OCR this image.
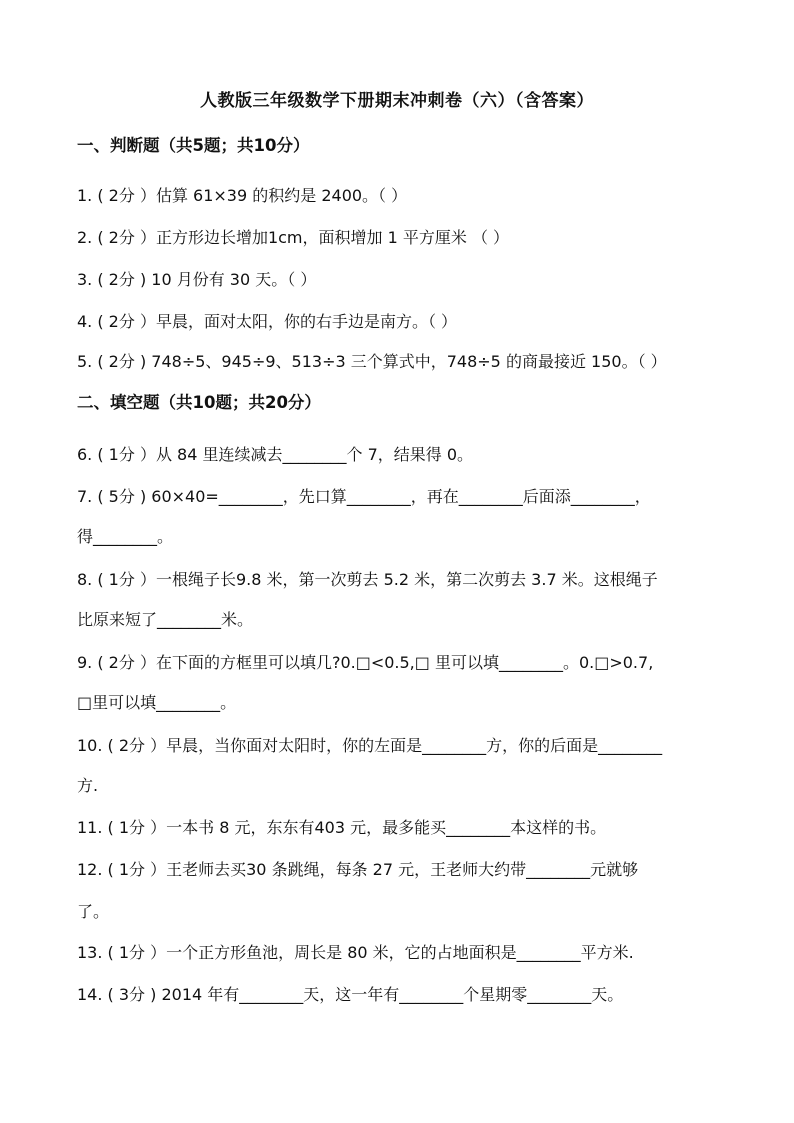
人教版三年级数学下册期末冲刺卷（六）（含答案）
一、判断题（共5题；共10分）
1. ( 2分 ）估算 61×39 的积约是 2400。（ ）
2. ( 2分 ）正方形边长增加1cm，面积增加 1 平方厘米 （ ）
3. ( 2分 ) 10 月份有 30 天。（ ）
4. ( 2分 ）早晨，面对太阳，你的右手边是南方。（ ）
5. ( 2分 ) 748÷5、945÷9、513÷3 三个算式中，748÷5 的商最接近 150。（ ）
二、填空题（共10题；共20分）
6. ( 1分 ）从 84 里连续减去________个 7，结果得 0。
7. ( 5分 ) 60×40=________，先口算________，再在________后面添________，
得________。
8. ( 1分 ）一根绳子长9.8 米，第一次剪去 5.2 米，第二次剪去 3.7 米。这根绳子
比原来短了________米。
9. ( 2分 ）在下面的方框里可以填几?0.□<0.5,□ 里可以填________。0.□>0.7,
□里可以填________。
10. ( 2分 ）早晨，当你面对太阳时，你的左面是________方，你的后面是________
方.
11. ( 1分 ）一本书 8 元，东东有403 元，最多能买________本这样的书。
12. ( 1分 ）王老师去买30 条跳绳，每条 27 元，王老师大约带________元就够
了。
13. ( 1分 ）一个正方形鱼池，周长是 80 米，它的占地面积是________平方米.
14. ( 3分 ) 2014 年有________天，这一年有________个星期零________天。
